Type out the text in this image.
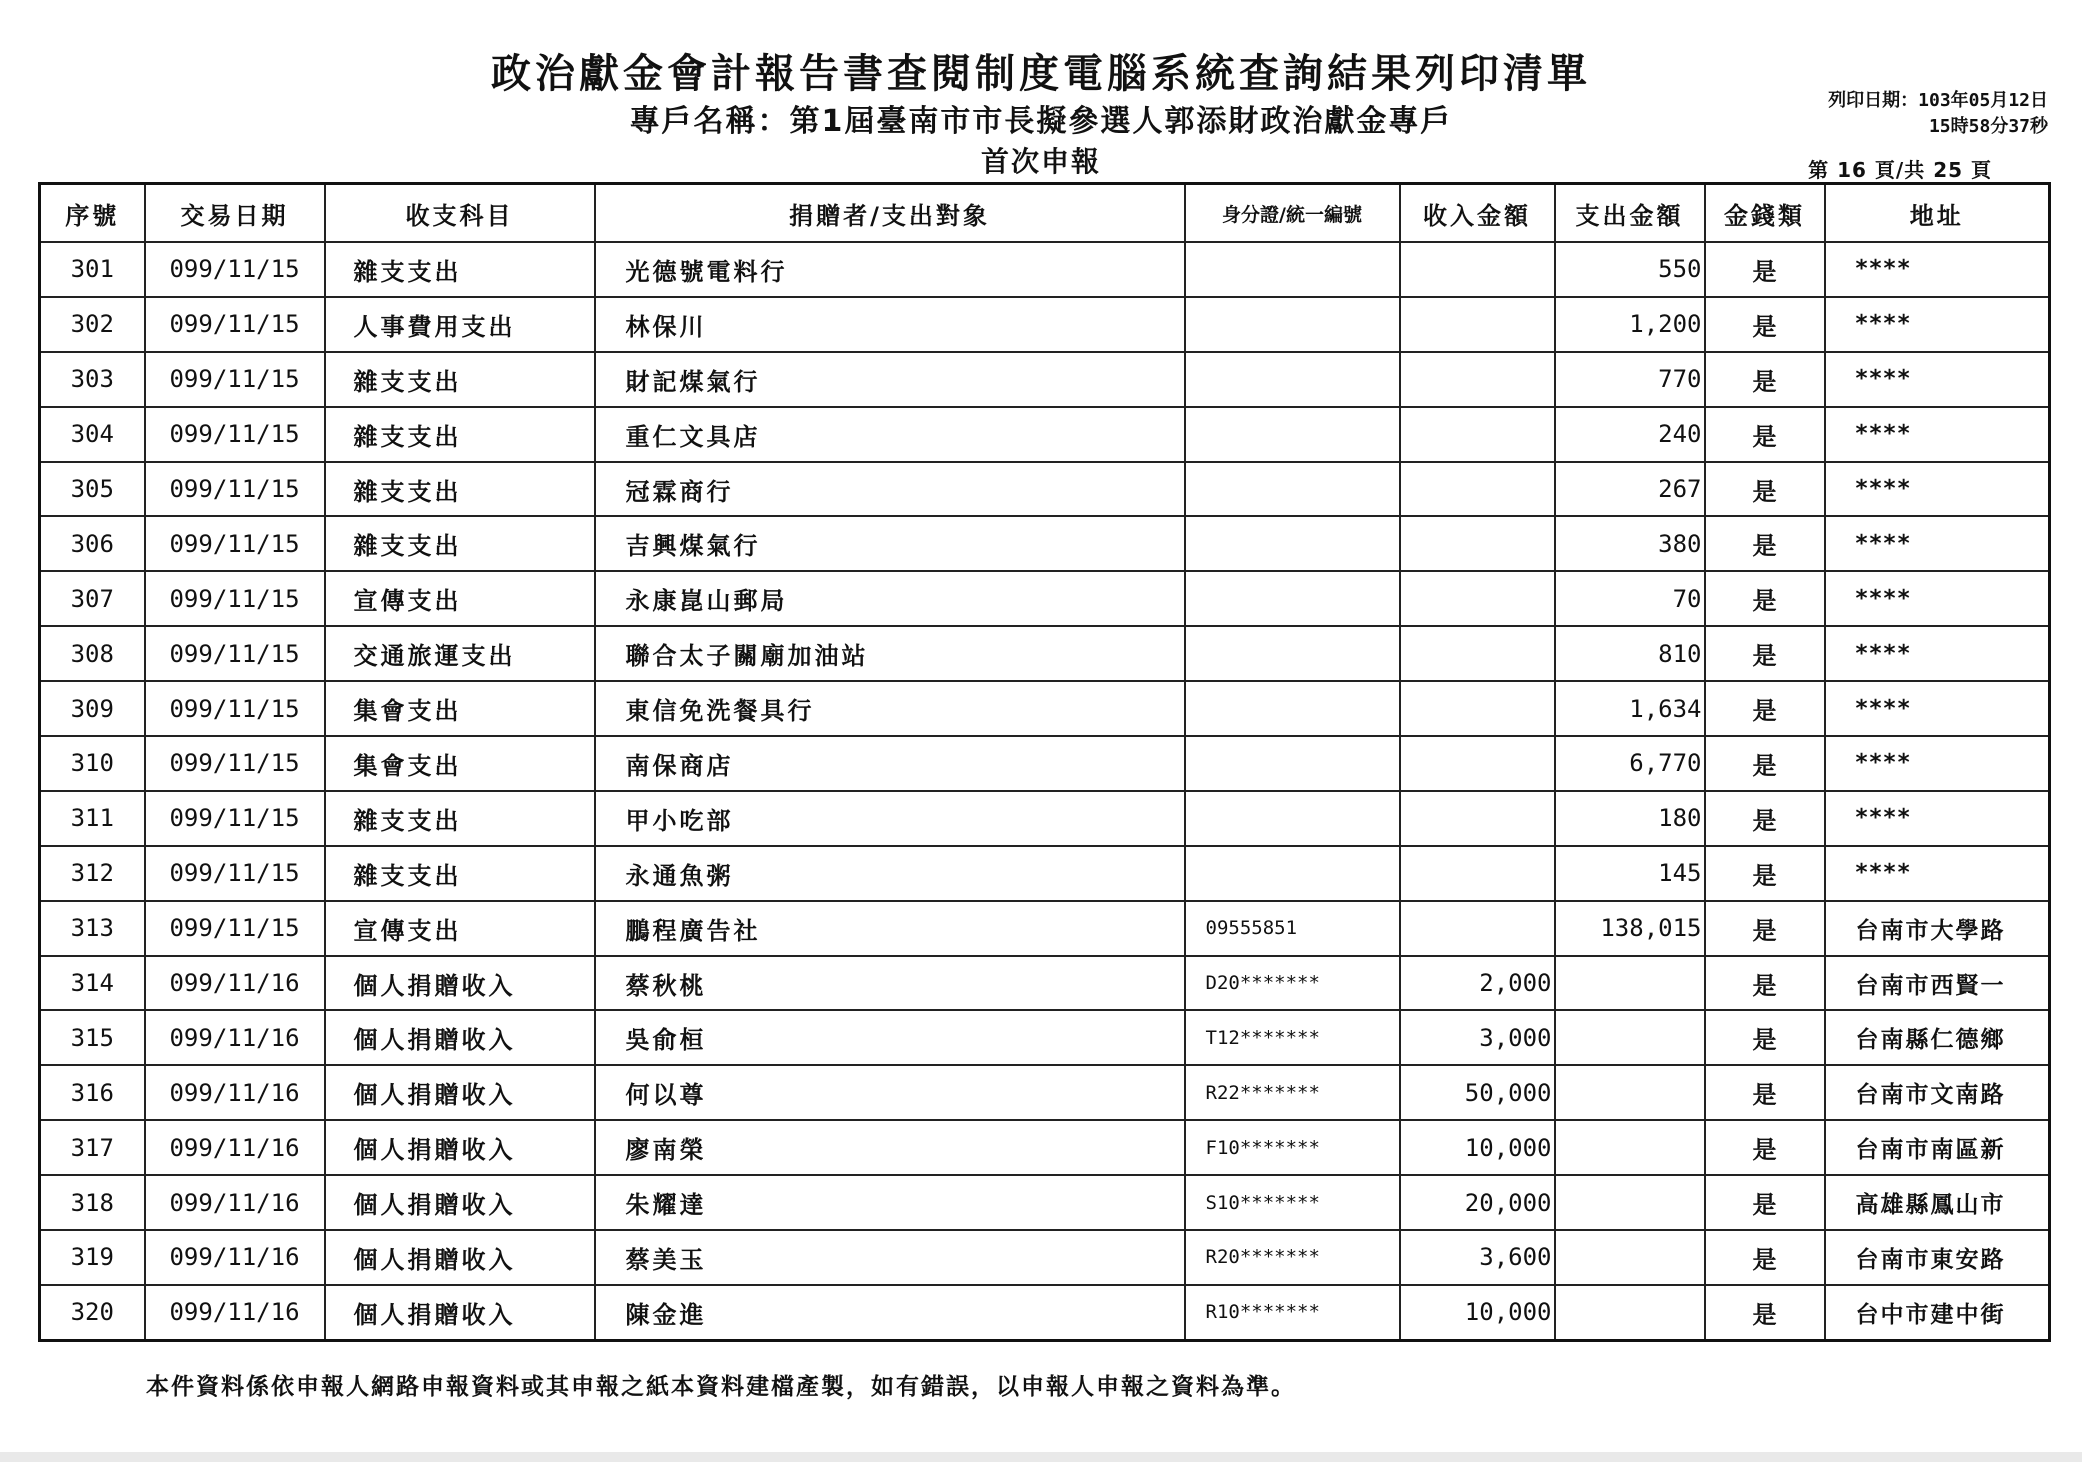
政治獻金會計報告書查閱制度電腦系統查詢結果列印清單
專戶名稱：第1屆臺南市市長擬參選人郭添財政治獻金專戶
首次申報
列印日期：103年05月12日
15時58分37秒
第 16 頁/共 25 頁
序號	交易日期	收支科目	捐贈者/支出對象	身分證/統一編號	收入金額	支出金額	金錢類	地址
301	099/11/15	雜支支出	光德號電料行			550	是	****
302	099/11/15	人事費用支出	林保川			1,200	是	****
303	099/11/15	雜支支出	財記煤氣行			770	是	****
304	099/11/15	雜支支出	重仁文具店			240	是	****
305	099/11/15	雜支支出	冠霖商行			267	是	****
306	099/11/15	雜支支出	吉興煤氣行			380	是	****
307	099/11/15	宣傳支出	永康崑山郵局			70	是	****
308	099/11/15	交通旅運支出	聯合太子關廟加油站			810	是	****
309	099/11/15	集會支出	東信免洗餐具行			1,634	是	****
310	099/11/15	集會支出	南保商店			6,770	是	****
311	099/11/15	雜支支出	甲小吃部			180	是	****
312	099/11/15	雜支支出	永通魚粥			145	是	****
313	099/11/15	宣傳支出	鵬程廣告社	09555851		138,015	是	台南市大學路
314	099/11/16	個人捐贈收入	蔡秋桃	D20*******	2,000		是	台南市西賢一
315	099/11/16	個人捐贈收入	吳俞桓	T12*******	3,000		是	台南縣仁德鄉
316	099/11/16	個人捐贈收入	何以尊	R22*******	50,000		是	台南市文南路
317	099/11/16	個人捐贈收入	廖南榮	F10*******	10,000		是	台南市南區新
318	099/11/16	個人捐贈收入	朱耀達	S10*******	20,000		是	高雄縣鳳山市
319	099/11/16	個人捐贈收入	蔡美玉	R20*******	3,600		是	台南市東安路
320	099/11/16	個人捐贈收入	陳金進	R10*******	10,000		是	台中市建中街
本件資料係依申報人網路申報資料或其申報之紙本資料建檔產製，如有錯誤，以申報人申報之資料為準。
